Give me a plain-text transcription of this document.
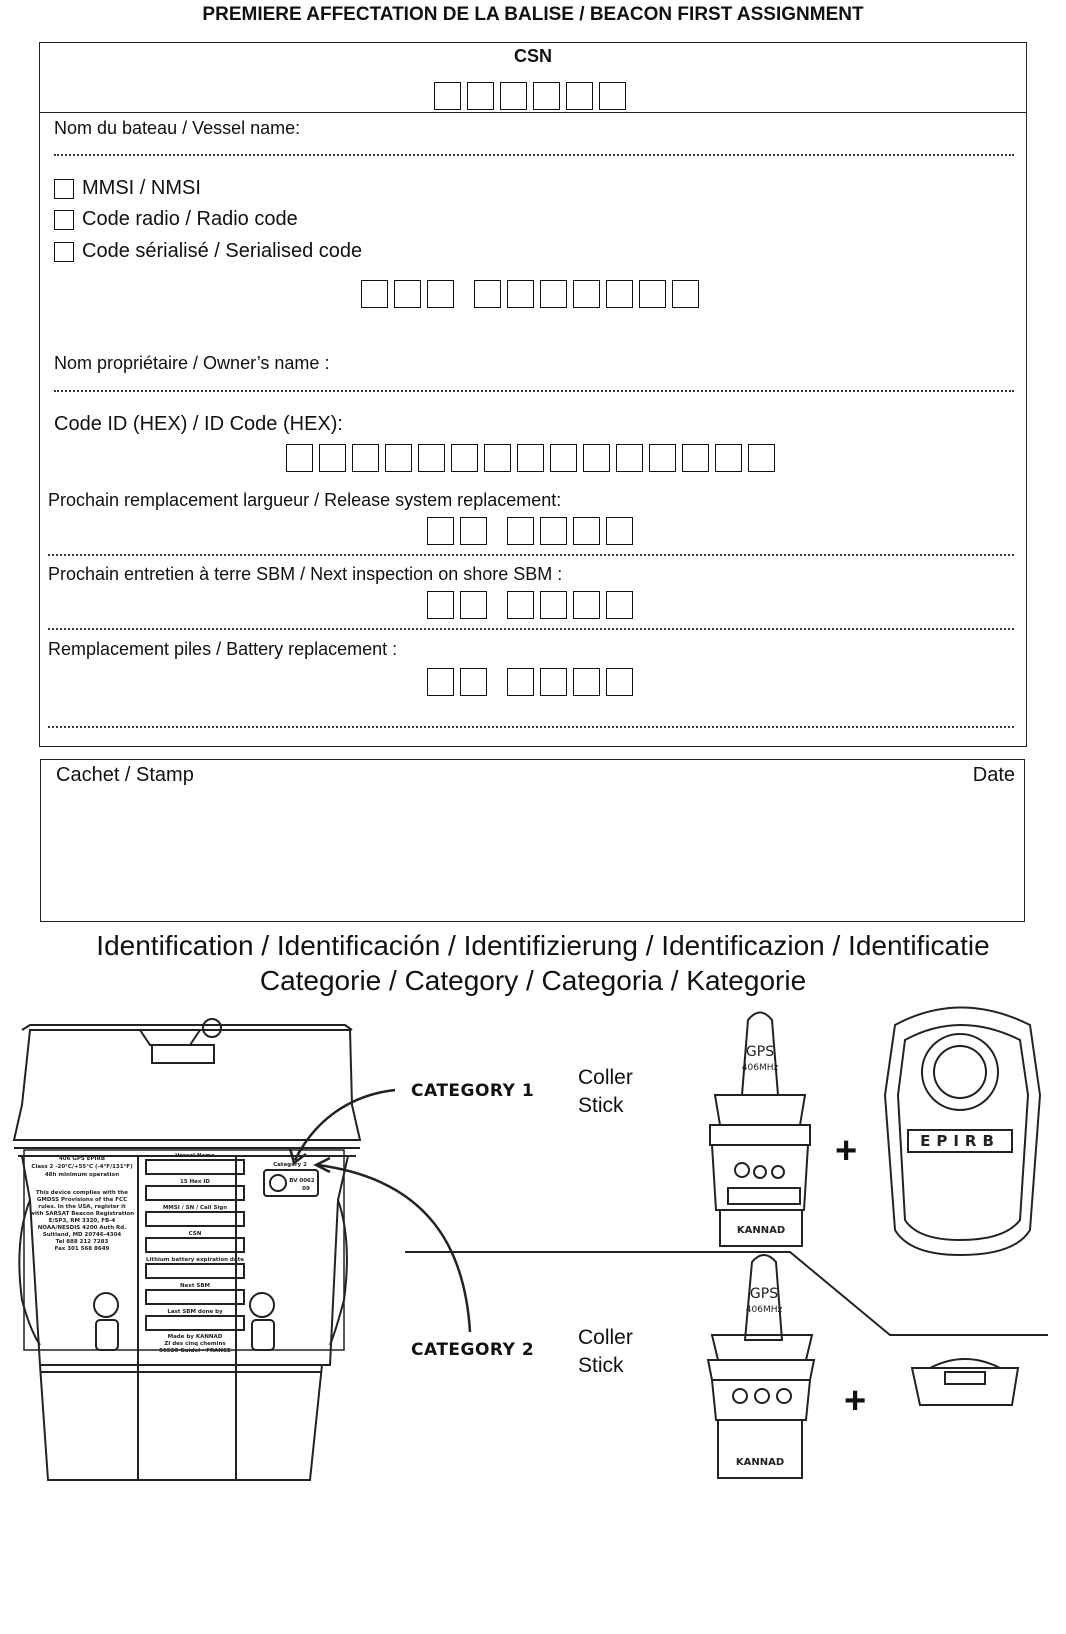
PREMIERE AFFECTATION DE LA BALISE / BEACON FIRST ASSIGNMENT
CSN
Nom du bateau / Vessel name:
MMSI / NMSI
Code radio / Radio code
Code sérialisé / Serialised code
Nom propriétaire / Owner’s name :
Code ID (HEX) / ID Code (HEX):
Prochain remplacement largueur / Release system replacement:
Prochain entretien à terre SBM / Next inspection on shore SBM :
Remplacement piles / Battery replacement :
Cachet / Stamp	Date
Identification / Identificación / Identifizierung / Identificazion / Identificatie
Categorie / Category / Categoria / Kategorie
CATEGORY 1
Coller
Stick
CATEGORY 2
Coller
Stick
+
+
EPIRB
GPS
406MHz
GPS
406MHz
KANNAD
KANNAD
406 GPS EPIRB
Class 2 -20°C/+55°C (-4°F/131°F)
48h minimum operation
This device complies with the
GMDSS Provisions of the FCC
rules. In the USA, register it
with SARSAT Beacon Registration
E/SP3, RM 3320, FB-4
NOAA/NESDIS 4200 Auth Rd.
Suitland, MD 20746-4304
Tel 888 212 7283
Fax 301 568 8649
Vessel Name
15 Hex ID
MMSI / SN / Call Sign
CSN
Lithium battery expiration date
Next SBM
Last SBM done by
Made by KANNAD
ZI des cinq chemins
56520 Guidel - FRANCE
Category 2
BV 0062
09
